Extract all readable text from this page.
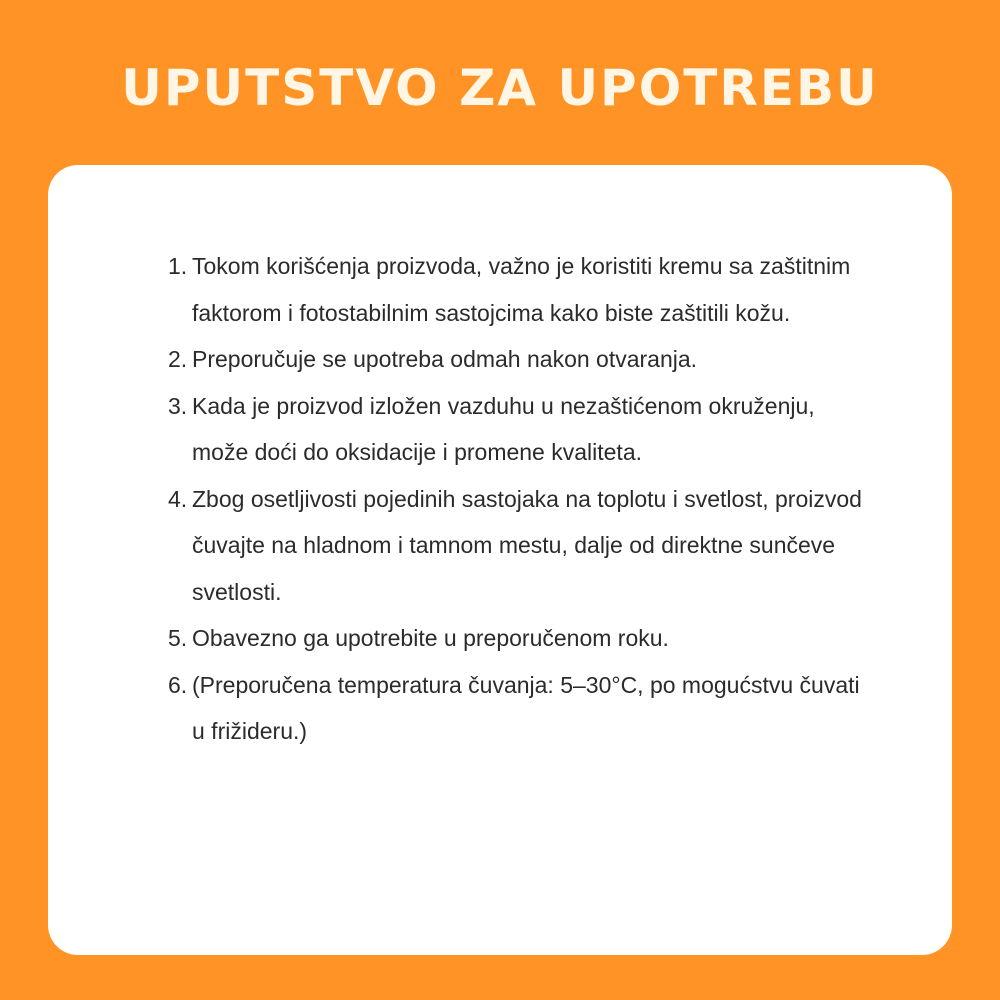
UPUTSTVO ZA UPOTREBU
1. Tokom korišćenja proizvoda, važno je koristiti kremu sa zaštitnim faktorom i fotostabilnim sastojcima kako biste zaštitili kožu.
2. Preporučuje se upotreba odmah nakon otvaranja.
3. Kada je proizvod izložen vazduhu u nezaštićenom okruženju, može doći do oksidacije i promene kvaliteta.
4. Zbog osetljivosti pojedinih sastojaka na toplotu i svetlost, proizvod čuvajte na hladnom i tamnom mestu, dalje od direktne sunčeve svetlosti.
5. Obavezno ga upotrebite u preporučenom roku.
6. (Preporučena temperatura čuvanja: 5–30°C, po mogućstvu čuvati u frižideru.)
